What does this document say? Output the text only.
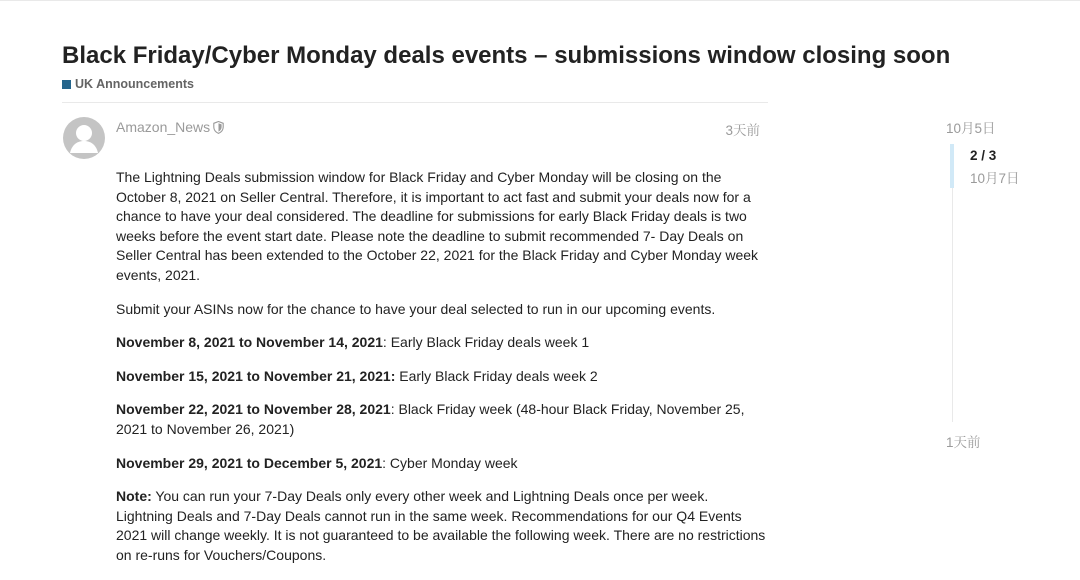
Black Friday/Cyber Monday deals events – submissions window closing soon
UK Announcements
Amazon_News	3天前

The Lightning Deals submission window for Black Friday and Cyber Monday will be closing on the October 8, 2021 on Seller Central. Therefore, it is important to act fast and submit your deals now for a chance to have your deal considered. The deadline for submissions for early Black Friday deals is two weeks before the event start date. Please note the deadline to submit recommended 7- Day Deals on Seller Central has been extended to the October 22, 2021 for the Black Friday and Cyber Monday week events, 2021.

Submit your ASINs now for the chance to have your deal selected to run in our upcoming events.

November 8, 2021 to November 14, 2021: Early Black Friday deals week 1

November 15, 2021 to November 21, 2021: Early Black Friday deals week 2

November 22, 2021 to November 28, 2021: Black Friday week (48-hour Black Friday, November 25, 2021 to November 26, 2021)

November 29, 2021 to December 5, 2021: Cyber Monday week

Note: You can run your 7-Day Deals only every other week and Lightning Deals once per week. Lightning Deals and 7-Day Deals cannot run in the same week. Recommendations for our Q4 Events 2021 will change weekly. It is not guaranteed to be available the following week. There are no restrictions on re-runs for Vouchers/Coupons.

10月5日
2 / 3
10月7日
1天前
